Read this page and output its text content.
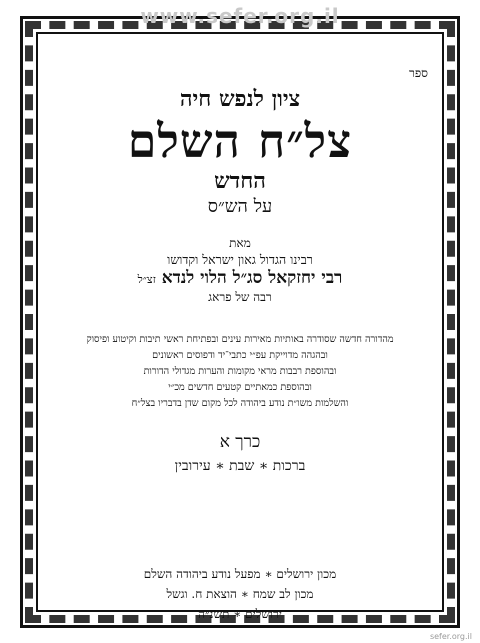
www.sefer.org.il
ספר
ציון לנפש חיה
צל״ח השלם
החדש
על הש״ס
מאת
רבינו הגדול גאון ישראל וקדושו
רבי יחזקאל סג״ל הלוי לנדא זצ״ל
רבה של פראג
מהדורה חדשה שסודרה באותיות מאירות עינים ובפתיחת ראשי תיבות וקיטוע ופיסוק
ובהגהה מדוייקת עפ״י כתבי־יד ודפוסים ראשונים
ובהוספת רבבות מראי מקומות והערות מגדולי הדורות
ובהוספת כמאתיים קטעים חדשים מכ״י
והשלמות משו״ת נודע ביהודה לכל מקום שדן בדבריו בצל״ח
כרך א
ברכות ∗ שבת ∗ עירובין
מכון ירושלים ∗ מפעל נודע ביהודה השלם
מכון לב שמח ∗ הוצאת ח. וגשל
ירושלים ∗ תשנ״ה
sefer.org.il
